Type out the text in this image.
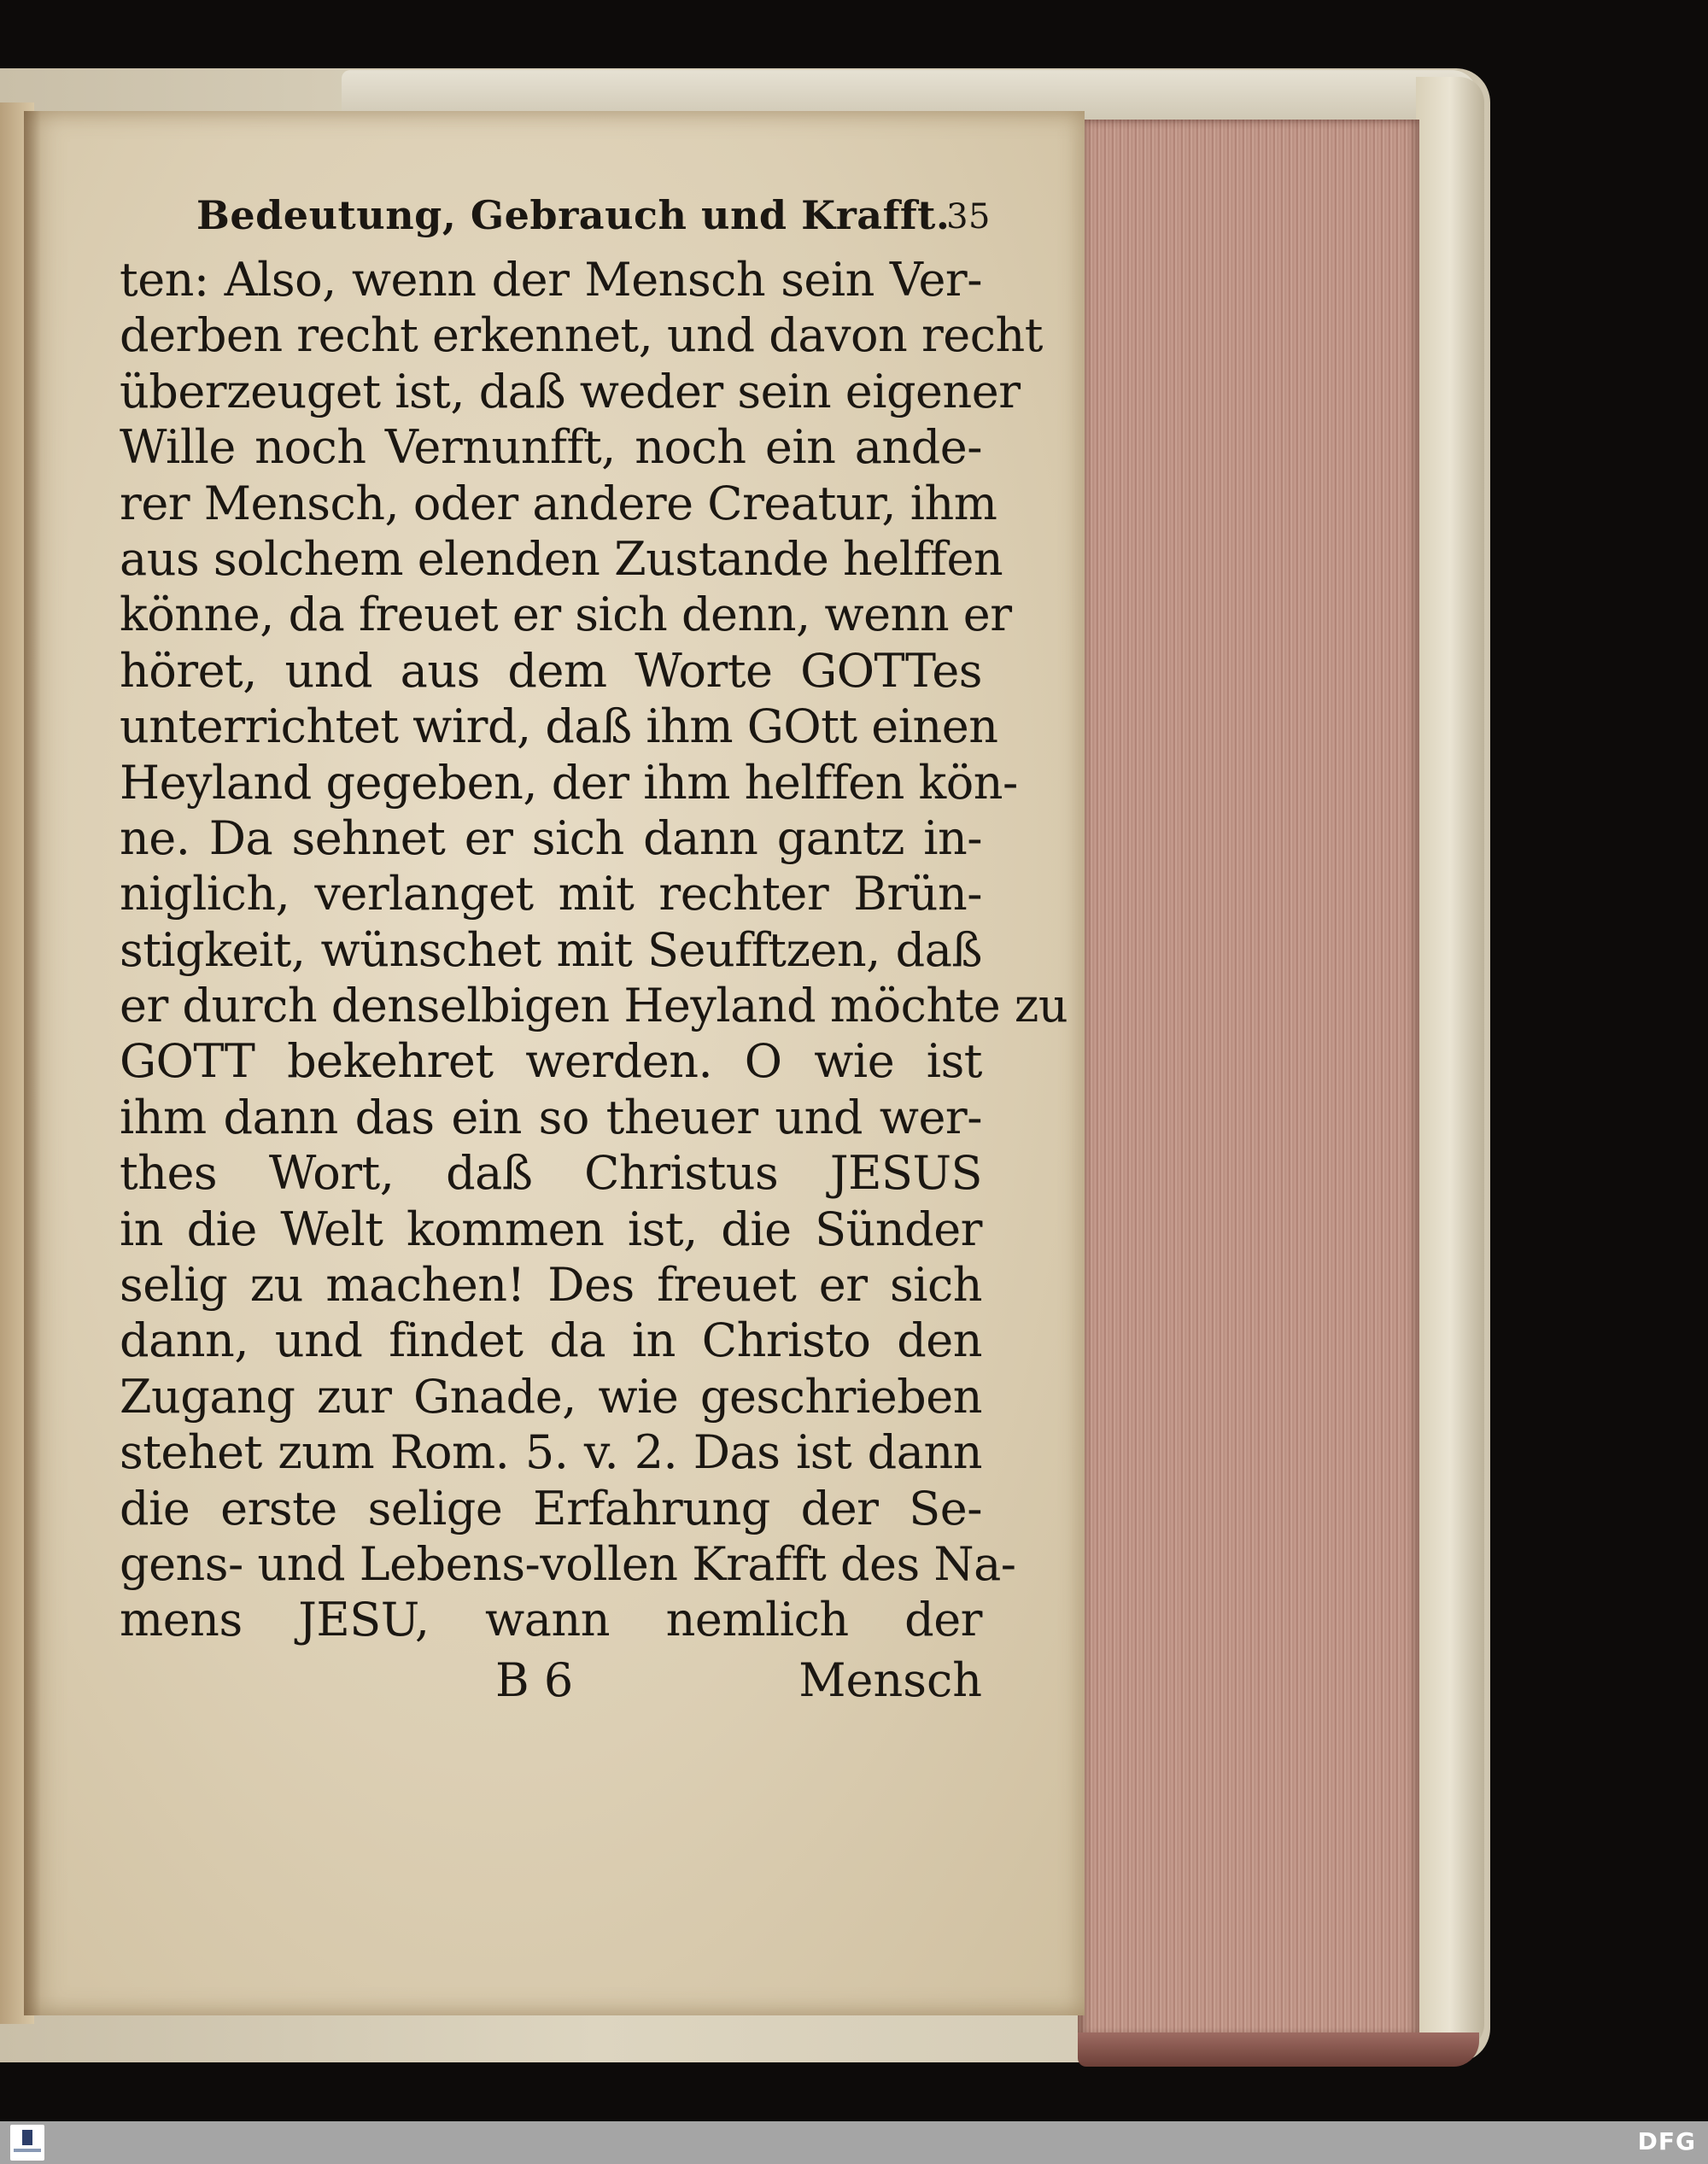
Bedeutung, Gebrauch und Krafft.
35
ten: Also, wenn der Mensch sein Ver-
derben recht erkennet, und davon recht
überzeuget ist, daß weder sein eigener
Wille noch Vernunfft, noch ein ande-
rer Mensch, oder andere Creatur, ihm
aus solchem elenden Zustande helffen
könne, da freuet er sich denn, wenn er
höret, und aus dem Worte GOTTes
unterrichtet wird, daß ihm GOtt einen
Heyland gegeben, der ihm helffen kön-
ne. Da sehnet er sich dann gantz in-
niglich, verlanget mit rechter Brün-
stigkeit, wünschet mit Seufftzen, daß
er durch denselbigen Heyland möchte zu
GOTT bekehret werden. O wie ist
ihm dann das ein so theuer und wer-
thes Wort, daß Christus JESUS
in die Welt kommen ist, die Sünder
selig zu machen! Des freuet er sich
dann, und findet da in Christo den
Zugang zur Gnade, wie geschrieben
stehet zum Rom. 5. v. 2. Das ist dann
die erste selige Erfahrung der Se-
gens- und Lebens-vollen Krafft des Na-
mens JESU, wann nemlich der
B 6	Mensch
DFG
